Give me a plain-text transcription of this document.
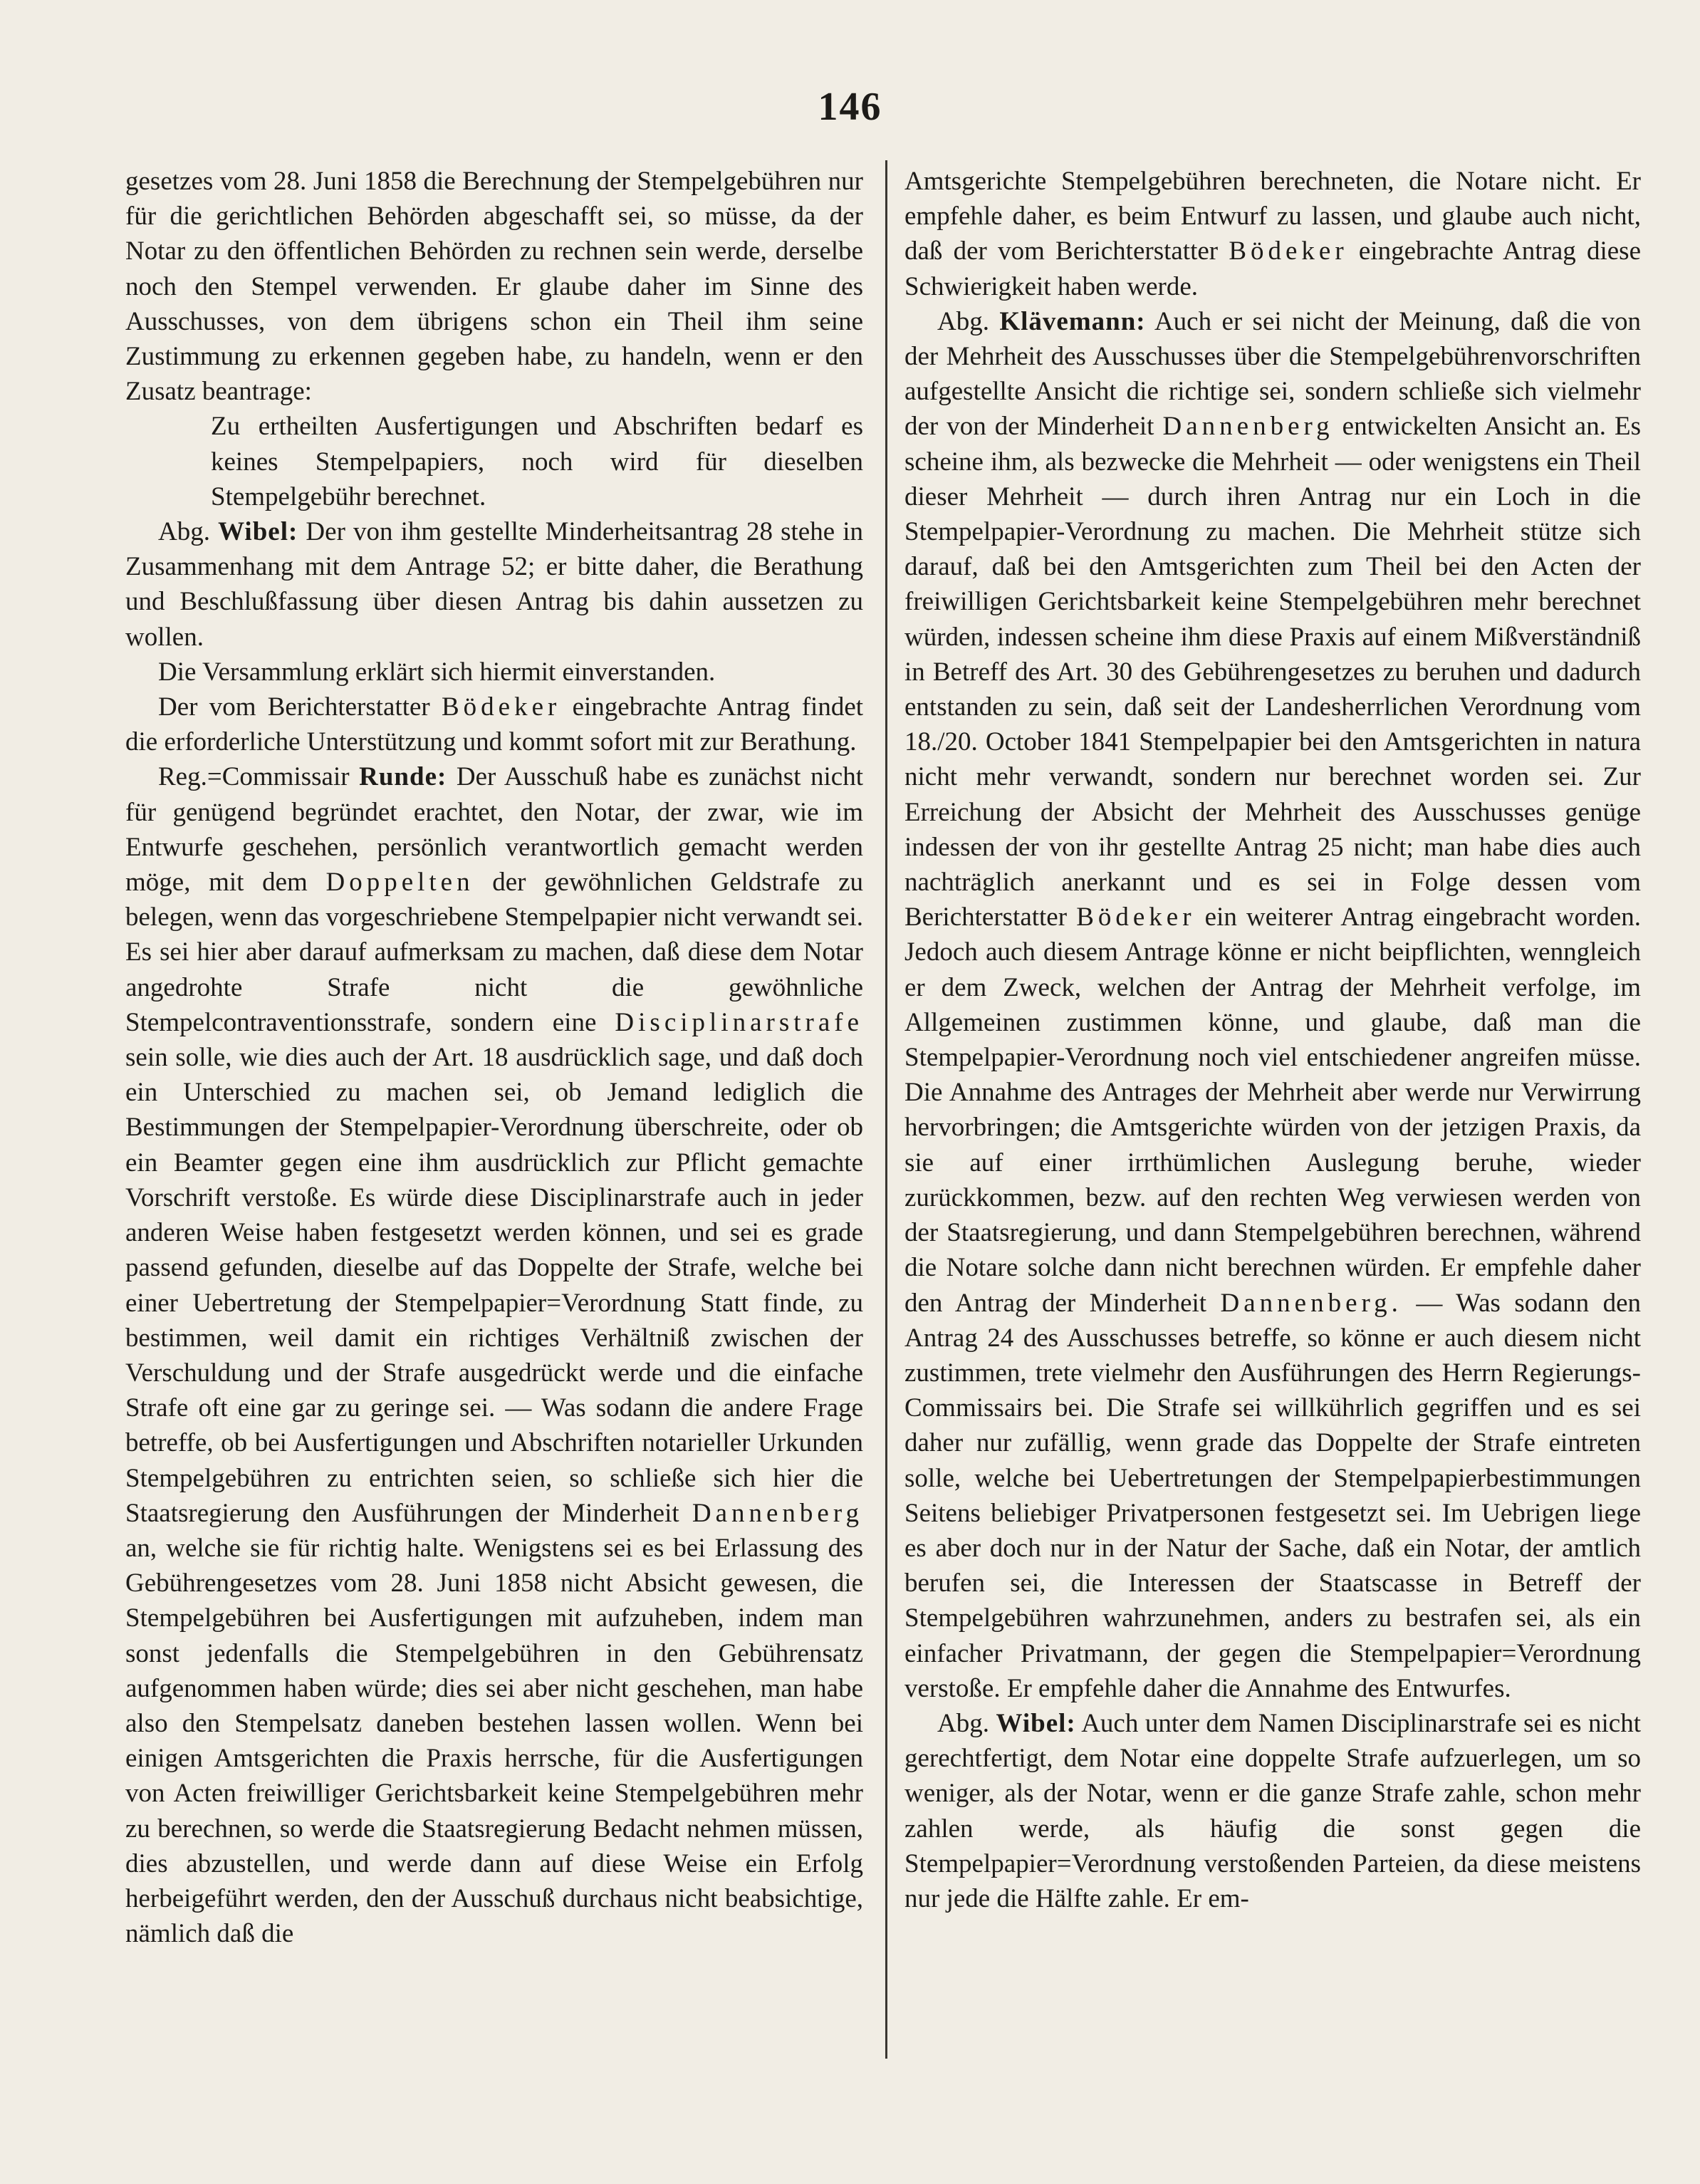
146

gesetzes vom 28. Juni 1858 die Berechnung der Stempelgebühren nur für die gerichtlichen Behörden abgeschafft sei, so müsse, da der Notar zu den öffentlichen Behörden zu rechnen sein werde, derselbe noch den Stempel verwenden. Er glaube daher im Sinne des Ausschusses, von dem übrigens schon ein Theil ihm seine Zustimmung zu erkennen gegeben habe, zu handeln, wenn er den Zusatz beantrage:

Zu ertheilten Ausfertigungen und Abschriften bedarf es keines Stempelpapiers, noch wird für dieselben Stempelgebühr berechnet.

Abg. Wibel: Der von ihm gestellte Minderheitsantrag 28 stehe in Zusammenhang mit dem Antrage 52; er bitte daher, die Berathung und Beschlußfassung über diesen Antrag bis dahin aussetzen zu wollen.

Die Versammlung erklärt sich hiermit einverstanden.

Der vom Berichterstatter Bödeker eingebrachte Antrag findet die erforderliche Unterstützung und kommt sofort mit zur Berathung.

Reg.=Commissair Runde: Der Ausschuß habe es zunächst nicht für genügend begründet erachtet, den Notar, der zwar, wie im Entwurfe geschehen, persönlich verantwortlich gemacht werden möge, mit dem Doppelten der gewöhnlichen Geldstrafe zu belegen, wenn das vorgeschriebene Stempelpapier nicht verwandt sei. Es sei hier aber darauf aufmerksam zu machen, daß diese dem Notar angedrohte Strafe nicht die gewöhnliche Stempelcontraventionsstrafe, sondern eine Disciplinarstrafe sein solle, wie dies auch der Art. 18 ausdrücklich sage, und daß doch ein Unterschied zu machen sei, ob Jemand lediglich die Bestimmungen der Stempelpapier-Verordnung überschreite, oder ob ein Beamter gegen eine ihm ausdrücklich zur Pflicht gemachte Vorschrift verstoße. Es würde diese Disciplinarstrafe auch in jeder anderen Weise haben festgesetzt werden können, und sei es grade passend gefunden, dieselbe auf das Doppelte der Strafe, welche bei einer Uebertretung der Stempelpapier=Verordnung Statt finde, zu bestimmen, weil damit ein richtiges Verhältniß zwischen der Verschuldung und der Strafe ausgedrückt werde und die einfache Strafe oft eine gar zu geringe sei. — Was sodann die andere Frage betreffe, ob bei Ausfertigungen und Abschriften notarieller Urkunden Stempelgebühren zu entrichten seien, so schließe sich hier die Staatsregierung den Ausführungen der Minderheit Dannenberg an, welche sie für richtig halte. Wenigstens sei es bei Erlassung des Gebührengesetzes vom 28. Juni 1858 nicht Absicht gewesen, die Stempelgebühren bei Ausfertigungen mit aufzuheben, indem man sonst jedenfalls die Stempelgebühren in den Gebührensatz aufgenommen haben würde; dies sei aber nicht geschehen, man habe also den Stempelsatz daneben bestehen lassen wollen. Wenn bei einigen Amtsgerichten die Praxis herrsche, für die Ausfertigungen von Acten freiwilliger Gerichtsbarkeit keine Stempelgebühren mehr zu berechnen, so werde die Staatsregierung Bedacht nehmen müssen, dies abzustellen, und werde dann auf diese Weise ein Erfolg herbeigeführt werden, den der Ausschuß durchaus nicht beabsichtige, nämlich daß die

Amtsgerichte Stempelgebühren berechneten, die Notare nicht. Er empfehle daher, es beim Entwurf zu lassen, und glaube auch nicht, daß der vom Berichterstatter Bödeker eingebrachte Antrag diese Schwierigkeit haben werde.

Abg. Klävemann: Auch er sei nicht der Meinung, daß die von der Mehrheit des Ausschusses über die Stempelgebührenvorschriften aufgestellte Ansicht die richtige sei, sondern schließe sich vielmehr der von der Minderheit Dannenberg entwickelten Ansicht an. Es scheine ihm, als bezwecke die Mehrheit — oder wenigstens ein Theil dieser Mehrheit — durch ihren Antrag nur ein Loch in die Stempelpapier-Verordnung zu machen. Die Mehrheit stütze sich darauf, daß bei den Amtsgerichten zum Theil bei den Acten der freiwilligen Gerichtsbarkeit keine Stempelgebühren mehr berechnet würden, indessen scheine ihm diese Praxis auf einem Mißverständniß in Betreff des Art. 30 des Gebührengesetzes zu beruhen und dadurch entstanden zu sein, daß seit der Landesherrlichen Verordnung vom 18./20. October 1841 Stempelpapier bei den Amtsgerichten in natura nicht mehr verwandt, sondern nur berechnet worden sei. Zur Erreichung der Absicht der Mehrheit des Ausschusses genüge indessen der von ihr gestellte Antrag 25 nicht; man habe dies auch nachträglich anerkannt und es sei in Folge dessen vom Berichterstatter Bödeker ein weiterer Antrag eingebracht worden. Jedoch auch diesem Antrage könne er nicht beipflichten, wenngleich er dem Zweck, welchen der Antrag der Mehrheit verfolge, im Allgemeinen zustimmen könne, und glaube, daß man die Stempelpapier-Verordnung noch viel entschiedener angreifen müsse. Die Annahme des Antrages der Mehrheit aber werde nur Verwirrung hervorbringen; die Amtsgerichte würden von der jetzigen Praxis, da sie auf einer irrthümlichen Auslegung beruhe, wieder zurückkommen, bezw. auf den rechten Weg verwiesen werden von der Staatsregierung, und dann Stempelgebühren berechnen, während die Notare solche dann nicht berechnen würden. Er empfehle daher den Antrag der Minderheit Dannenberg. — Was sodann den Antrag 24 des Ausschusses betreffe, so könne er auch diesem nicht zustimmen, trete vielmehr den Ausführungen des Herrn Regierungs-Commissairs bei. Die Strafe sei willkührlich gegriffen und es sei daher nur zufällig, wenn grade das Doppelte der Strafe eintreten solle, welche bei Uebertretungen der Stempelpapierbestimmungen Seitens beliebiger Privatpersonen festgesetzt sei. Im Uebrigen liege es aber doch nur in der Natur der Sache, daß ein Notar, der amtlich berufen sei, die Interessen der Staatscasse in Betreff der Stempelgebühren wahrzunehmen, anders zu bestrafen sei, als ein einfacher Privatmann, der gegen die Stempelpapier=Verordnung verstoße. Er empfehle daher die Annahme des Entwurfes.

Abg. Wibel: Auch unter dem Namen Disciplinarstrafe sei es nicht gerechtfertigt, dem Notar eine doppelte Strafe aufzuerlegen, um so weniger, als der Notar, wenn er die ganze Strafe zahle, schon mehr zahlen werde, als häufig die sonst gegen die Stempelpapier=Verordnung verstoßenden Parteien, da diese meistens nur jede die Hälfte zahle. Er em-
